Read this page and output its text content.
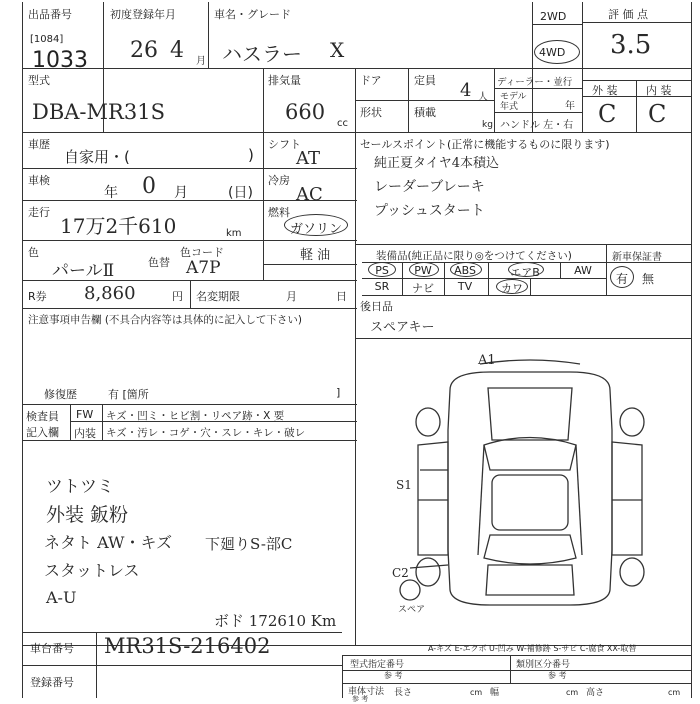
出品番号
[1084]
1033
初度登録年月
26 4 月
車名・グレード
ハスラー X
2WD
4WD
評 価 点
3.5
外 装	内 装
C C
型式
DBA-MR31S
排気量
660 cc
ドア	定員 4 人
形状	積載
kg
ディーラー・並行
モデル年式	年
ハンドル 左・右
車歴
自家用・(	)
シフト
AT
車検
年 0 月	(日)
冷房
AC
走行
17万2千610	km
燃料
ガソリン
軽 油
色
パールⅡ	色替
色コード
A7P
R券 8,860	円 名変期限	月	日
セールスポイント(正常に機能するものに限ります)
純正夏タイヤ4本積込
レーダーブレーキ
プッシュスタート
装備品(純正品に限り◎をつけてください)
PS	PW	ABS	エアB	AW
SR	ナビ	TV	カワ
新車保証書
有 無
後日品
スペアキー
注意事項申告欄 (不具合内容等は具体的に記入して下さい)
修復歴	有 [箇所	]
検査員
記入欄
FW キズ・凹ミ・ヒビ割・リペア跡・X 要
内装 キズ・汚レ・コゲ・穴・スレ・キレ・破レ
ツトツミ
外装 鈑粉
ネタト AW・キズ
スタットレス
A-U
下廻りS-部C
ボド 172610 Km
A1
S1
C2
スペア
A-キズ E-エクボ U-凹み W-補修跡 S-サビ C-腐食 XX-取替
車台番号 MR31S-216402
登録番号
型式指定番号
参 考
類別区分番号
参 考
車体寸法
参 考
長さ	cm 幅	cm 高さ	cm
